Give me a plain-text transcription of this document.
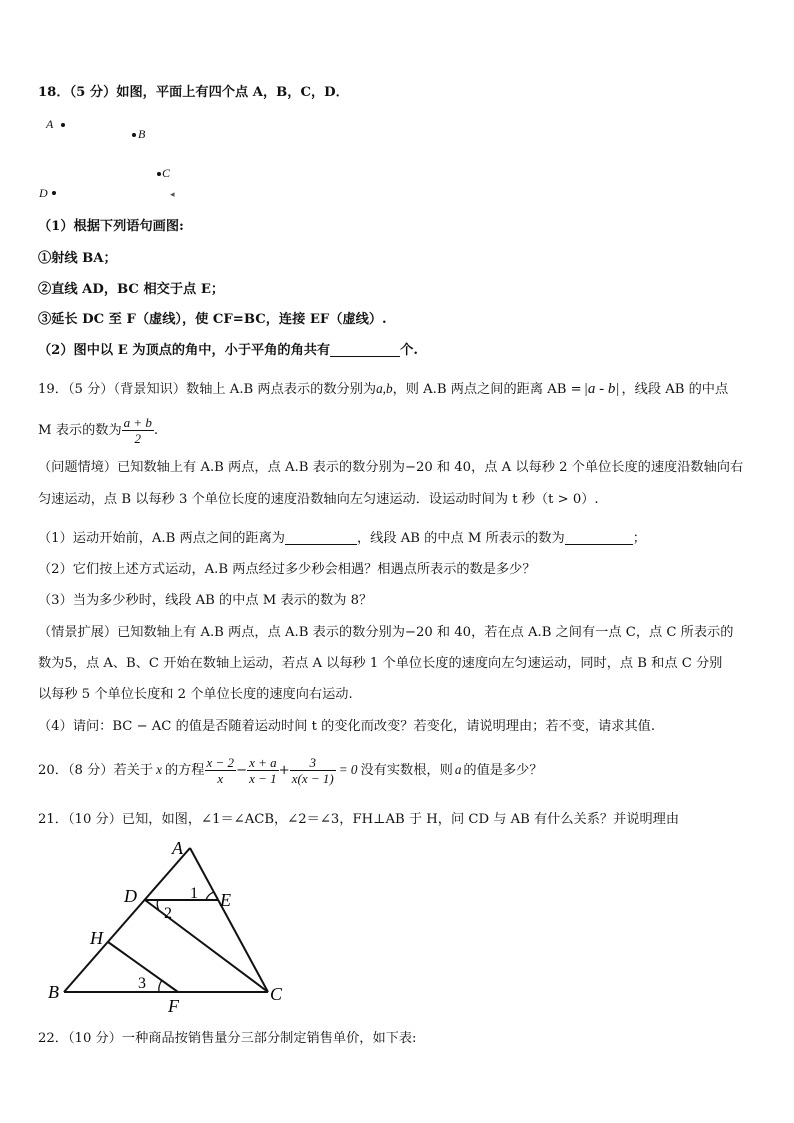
18．（5 分）如图，平面上有四个点 A，B，C，D．
A
B
C
D	◂
（1）根据下列语句画图:
①射线 BA；
②直线 AD，BC 相交于点 E；
③延长 DC 至 F（虚线），使 CF=BC，连接 EF（虚线）.
（2）图中以 E 为顶点的角中，小于平角的角共有	个.
19．（5 分）（背景知识）数轴上 A.B 两点表示的数分别为a,b，则 A.B 两点之间的距离 AB = |a - b| ，线段 AB 的中点
M 表示的数为 $\frac{a + b}{2}$ .
（问题情境）已知数轴上有 A.B 两点，点 A.B 表示的数分别为−20 和 40，点 A 以每秒 2 个单位长度的速度沿数轴向右
匀速运动，点 B 以每秒 3 个单位长度的速度沿数轴向左匀速运动．设运动时间为 t 秒（t > 0）.
（1）运动开始前，A.B 两点之间的距离为	，线段 AB 的中点 M 所表示的数为	；
（2）它们按上述方式运动，A.B 两点经过多少秒会相遇？相遇点所表示的数是多少？
（3）当为多少秒时，线段 AB 的中点 M 表示的数为 8？
（情景扩展）已知数轴上有 A.B 两点，点 A.B 表示的数分别为−20 和 40，若在点 A.B 之间有一点 C，点 C 所表示的
数为5，点 A、B、C 开始在数轴上运动，若点 A 以每秒 1 个单位长度的速度向左匀速运动，同时，点 B 和点 C 分别
以每秒 5 个单位长度和 2 个单位长度的速度向右运动.
（4）请问：BC − AC 的值是否随着运动时间 t 的变化而改变？若变化，请说明理由；若不变，请求其值.
20．（8 分）若关于 x 的方程 $\frac{x - 2}{x} - \frac{x + a}{x - 1} + \frac{3}{x(x - 1)} = 0$ 没有实数根，则 a 的值是多少？
21．（10 分）已知，如图，∠1＝∠ACB，∠2＝∠3，FH⊥AB 于 H，问 CD 与 AB 有什么关系？并说明理由
A
B	C
D	E
F
H
1
2
3
22．（10 分）一种商品按销售量分三部分制定销售单价，如下表:
